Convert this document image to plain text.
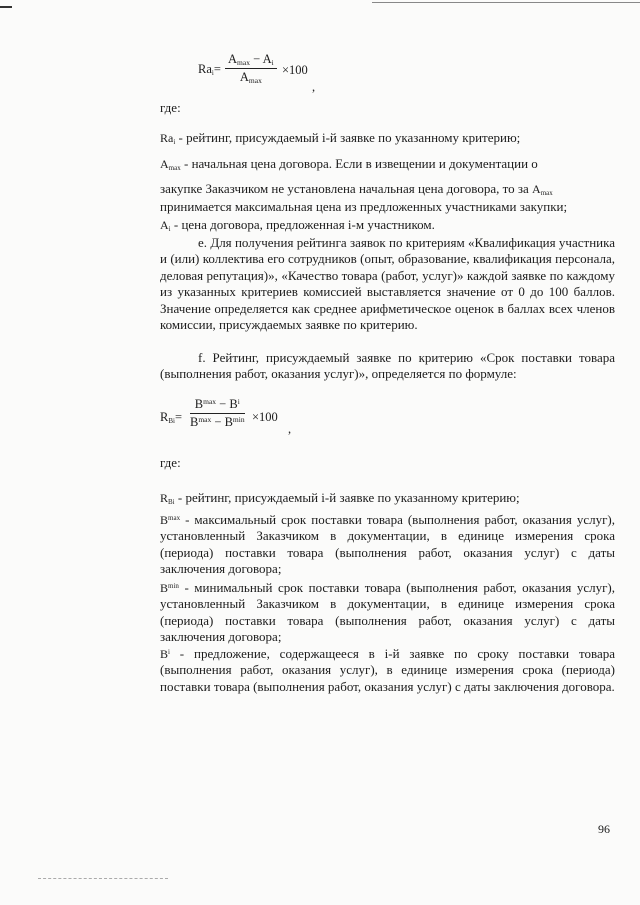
$Ra_i=$
$A_{max} - A_i$
$A_{max}$
×100
,

где:

$Ra_i$ - рейтинг, присуждаемый i-й заявке по указанному критерию;

$A_{max}$ - начальная цена договора. Если в извещении и документации о

закупке Заказчиком не установлена начальная цена договора, то за $A_{max}$

принимается максимальная цена из предложенных участниками закупки;

$A_i$ - цена договора, предложенная i-м участником.

e. Для получения рейтинга заявок по критериям «Квалификация участника и (или) коллектива его сотрудников (опыт, образование, квалификация персонала, деловая репутация)», «Качество товара (работ, услуг)» каждой заявке по каждому из указанных критериев комиссией выставляется значение от 0 до 100 баллов. Значение определяется как среднее арифметическое оценок в баллах всех членов комиссии, присуждаемых заявке по критерию.

f. Рейтинг, присуждаемый заявке по критерию «Срок поставки товара (выполнения работ, оказания услуг)», определяется по формуле:

$R_{Bi}=$
$B^{max} - B^i$
$B^{max} - B^{min} \times 100$
,

где:

$R_{Bi}$ - рейтинг, присуждаемый i-й заявке по указанному критерию;

$B^{max}$ - максимальный срок поставки товара (выполнения работ, оказания услуг), установленный Заказчиком в документации, в единице измерения срока (периода) поставки товара (выполнения работ, оказания услуг) с даты заключения договора;

$B^{min}$ - минимальный срок поставки товара (выполнения работ, оказания услуг), установленный Заказчиком в документации, в единице измерения срока (периода) поставки товара (выполнения работ, оказания услуг) с даты заключения договора;

$B^i$ - предложение, содержащееся в i-й заявке по сроку поставки товара (выполнения работ, оказания услуг), в единице измерения срока (периода) поставки товара (выполнения работ, оказания услуг) с даты заключения договора.

96
